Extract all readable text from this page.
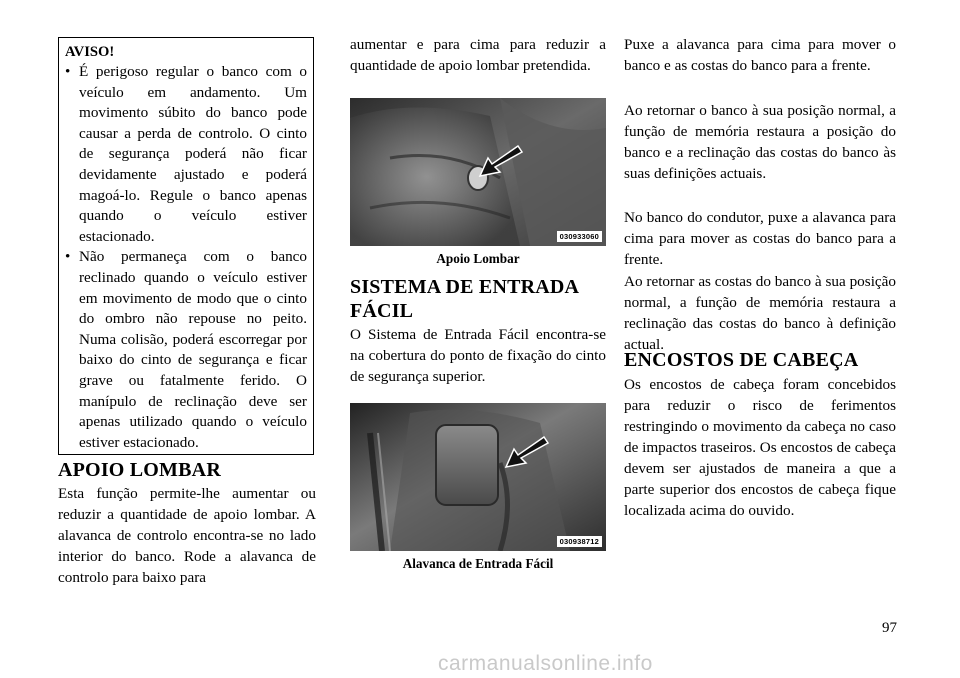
AVISO!

• É perigoso regular o banco com o veículo em andamento. Um movimento súbito do banco pode causar a perda de controlo. O cinto de segurança poderá não ficar devidamente ajustado e poderá magoá-lo. Regule o banco apenas quando o veículo estiver estacionado.
• Não permaneça com o banco reclinado quando o veículo estiver em movimento de modo que o cinto do ombro não repouse no peito. Numa colisão, poderá escorregar por baixo do cinto de segurança e ficar grave ou fatalmente ferido. O manípulo de reclinação deve ser apenas utilizado quando o veículo estiver estacionado.
APOIO LOMBAR

Esta função permite-lhe aumentar ou reduzir a quantidade de apoio lombar. A alavanca de controlo encontra-se no lado interior do banco. Rode a alavanca de controlo para baixo para

aumentar e para cima para reduzir a quantidade de apoio lombar pretendida.

030933060
Apoio Lombar
SISTEMA DE ENTRADA
FÁCIL

O Sistema de Entrada Fácil encontra-se na cobertura do ponto de fixação do cinto de segurança superior.

030938712
Alavanca de Entrada Fácil

Puxe a alavanca para cima para mover o banco e as costas do banco para a frente.

Ao retornar o banco à sua posição normal, a função de memória restaura a posição do banco e a reclinação das costas do banco às suas definições actuais.

No banco do condutor, puxe a alavanca para cima para mover as costas do banco para a frente.

Ao retornar as costas do banco à sua posição normal, a função de memória restaura a reclinação das costas do banco à definição actual.

ENCOSTOS DE CABEÇA

Os encostos de cabeça foram concebidos para reduzir o risco de ferimentos restringindo o movimento da cabeça no caso de impactos traseiros. Os encostos de cabeça devem ser ajustados de maneira a que a parte superior dos encostos de cabeça fique localizada acima do ouvido.

97
carmanualsonline.info
